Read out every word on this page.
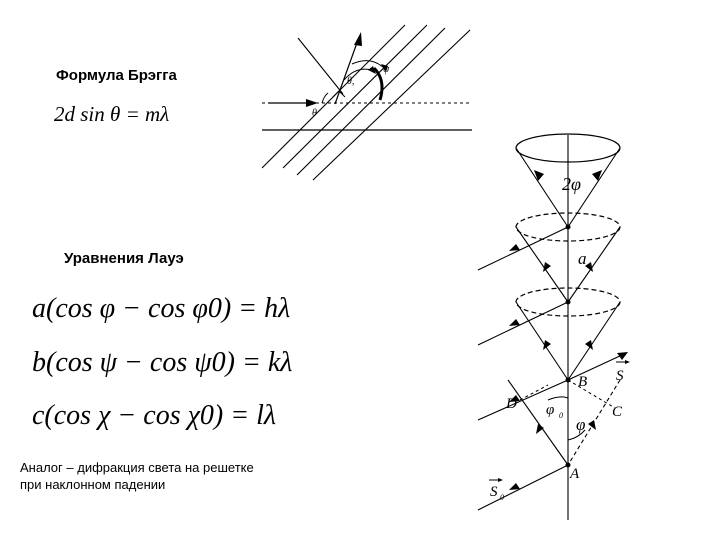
θ
θ,
ψ
2φ
a
B
D	C
A
φ 0 φ
S
S 0
Формула Брэгга
2d sin θ = mλ
Уравнения Лауэ
a(cos φ − cos φ0) = hλ
b(cos ψ − cos ψ0) = kλ
c(cos χ − cos χ0) = lλ
Аналог – дифракция света на решетке
при наклонном падении
